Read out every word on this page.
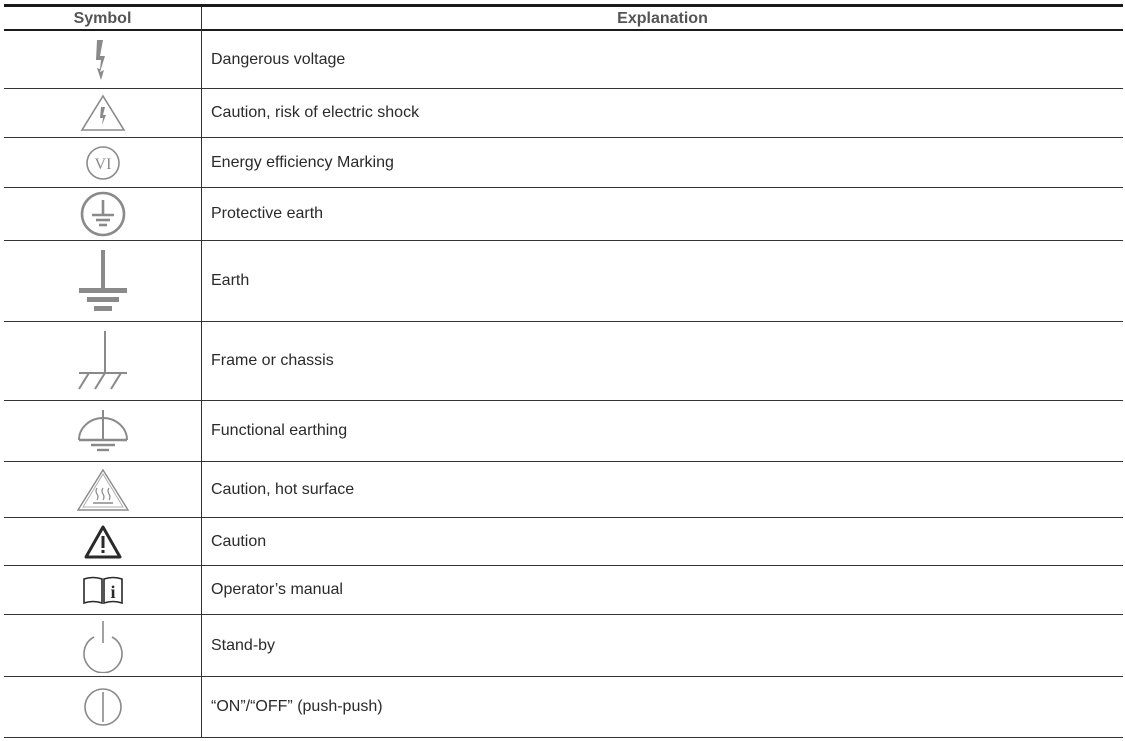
Symbol	Explanation
Dangerous voltage
Caution, risk of electric shock
VI	Energy efficiency Marking
Protective earth
Earth
Frame or chassis
Functional earthing
Caution, hot surface
Caution
i	Operator’s manual
Stand-by
“ON”/“OFF” (push-push)
